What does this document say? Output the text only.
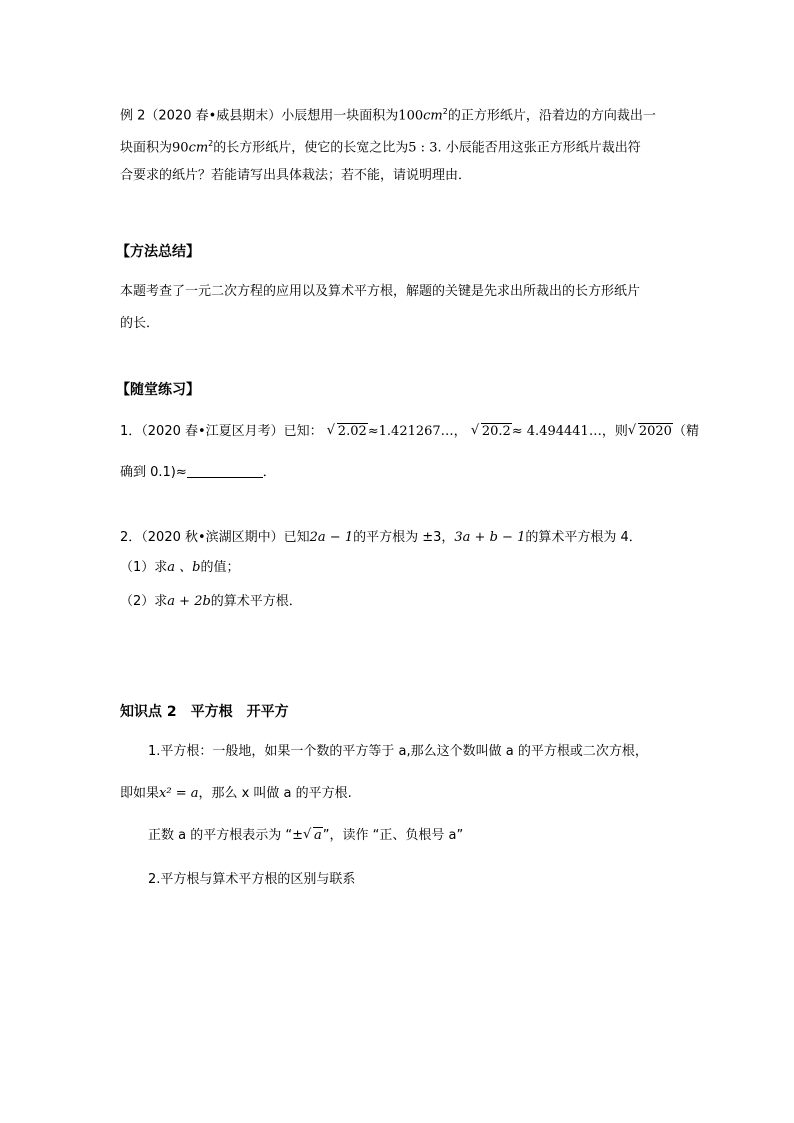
例 2（2020 春•威县期末）小辰想用一块面积为$100cm^2$的正方形纸片，沿着边的方向裁出一
块面积为$90cm^2$的长方形纸片，使它的长宽之比为5 : 3. 小辰能否用这张正方形纸片裁出符
合要求的纸片？若能请写出具体栽法；若不能，请说明理由．
【方法总结】
本题考查了一元二次方程的应用以及算术平方根，解题的关键是先求出所裁出的长方形纸片
的长．
【随堂练习】
1．（2020 春•江夏区月考）已知： √ 2.02≈1.421267…， √ 20.2≈ 4.494441…，则 √ 2020（精
确到 0.1)≈	．
2．（2020 秋•滨湖区期中）已知2a − 1的平方根为 ±3，3a + b − 1的算术平方根为 4．
（1）求a 、b的值；
（2）求a + 2b的算术平方根．
知识点 2　平方根　开平方
1.平方根：一般地，如果一个数的平方等于 a,那么这个数叫做 a 的平方根或二次方根，
即如果x² = a，那么 x 叫做 a 的平方根.
正数 a 的平方根表示为 “± √ a”，读作 “正、负根号 a”
2.平方根与算术平方根的区别与联系
